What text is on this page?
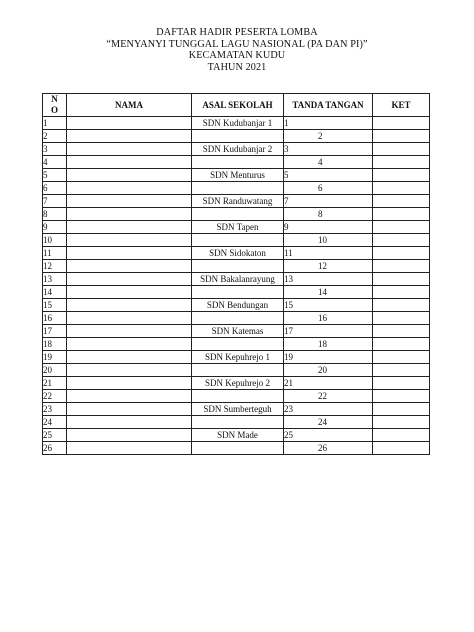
DAFTAR HADIR PESERTA LOMBA
“MENYANYI TUNGGAL LAGU NASIONAL (PA DAN PI)”
KECAMATAN KUDU
TAHUN 2021
N
O	NAMA	ASAL SEKOLAH	TANDA TANGAN	KET
1		SDN Kudubanjar 1	1	
2			2	
3		SDN Kudubanjar 2	3	
4			4	
5		SDN Menturus	5	
6			6	
7		SDN Randuwatang	7	
8			8	
9		SDN Tapen	9	
10			10	
11		SDN Sidokaton	11	
12			12	
13		SDN Bakalanrayung	13	
14			14	
15		SDN Bendungan	15	
16			16	
17		SDN Katemas	17	
18			18	
19		SDN Kepuhrejo 1	19	
20			20	
21		SDN Kepuhrejo 2	21	
22			22	
23		SDN Sumberteguh	23	
24			24	
25		SDN Made	25	
26			26	
